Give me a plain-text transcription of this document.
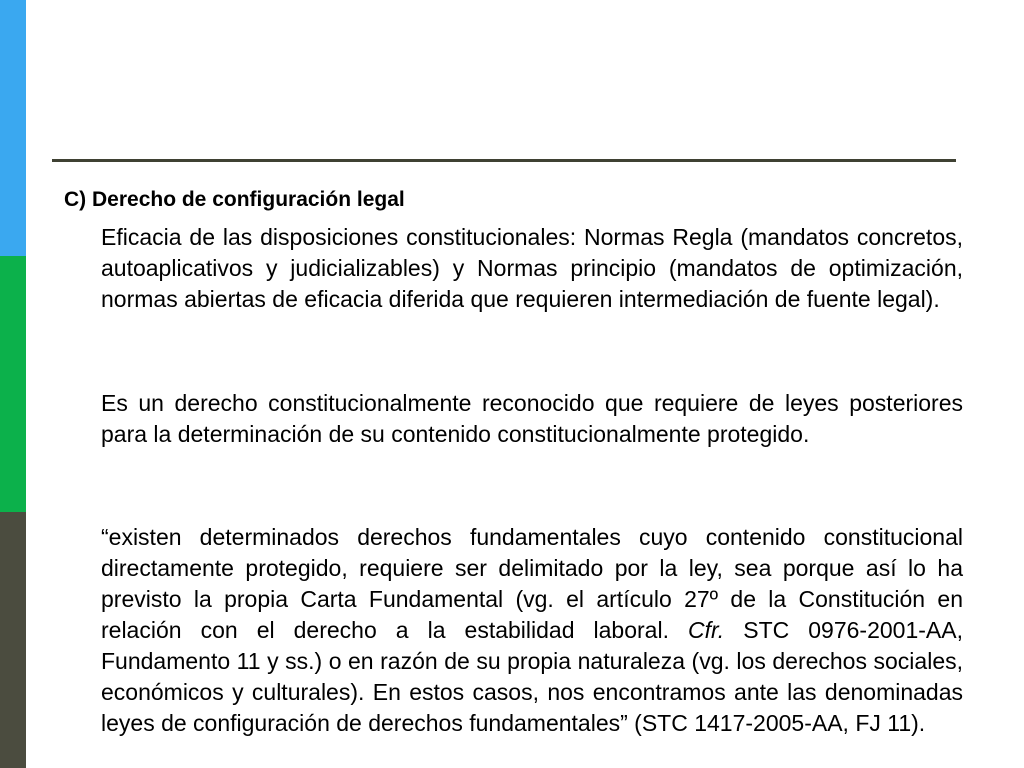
C) Derecho de configuración legal

Eficacia de las disposiciones constitucionales: Normas Regla (mandatos concretos, autoaplicativos y judicializables) y Normas principio (mandatos de optimización, normas abiertas de eficacia diferida que requieren intermediación de fuente legal).

Es un derecho constitucionalmente reconocido que requiere de leyes posteriores para la determinación de su contenido constitucionalmente protegido.

“existen determinados derechos fundamentales cuyo contenido constitucional directamente protegido, requiere ser delimitado por la ley, sea porque así lo ha previsto la propia Carta Fundamental (vg. el artículo 27º de la Constitución en relación con el derecho a la estabilidad laboral. Cfr. STC 0976-2001-AA, Fundamento 11 y ss.) o en razón de su propia naturaleza (vg. los derechos sociales, económicos y culturales). En estos casos, nos encontramos ante las denominadas leyes de configuración de derechos fundamentales” (STC 1417-2005-AA, FJ 11).
